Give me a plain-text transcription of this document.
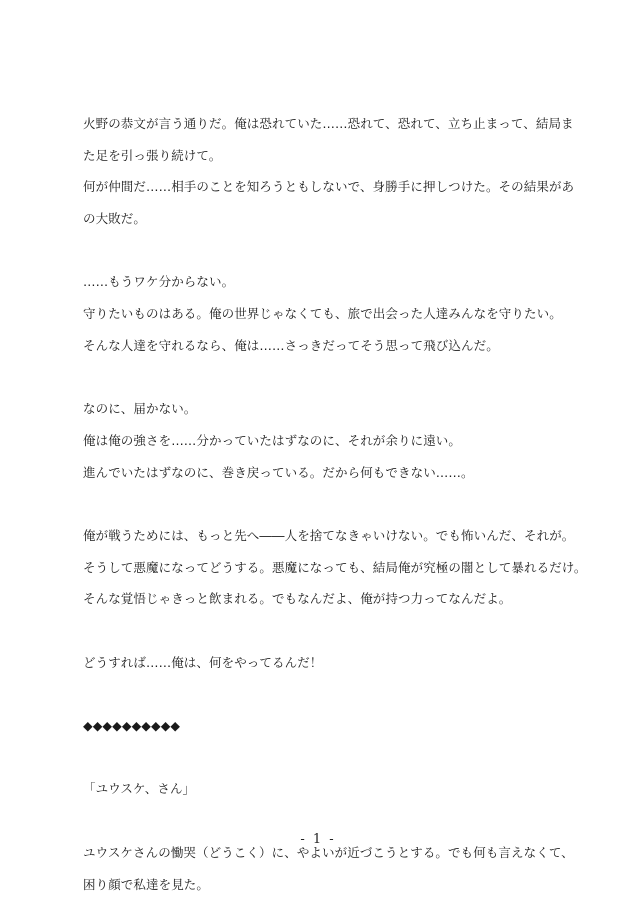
火野の恭文が言う通りだ。俺は恐れていた……恐れて、恐れて、立ち止まって、結局ま
た足を引っ張り続けて。
何が仲間だ……相手のことを知ろうともしないで、身勝手に押しつけた。その結果があ
の大敗だ。
……もうワケ分からない。
守りたいものはある。俺の世界じゃなくても、旅で出会った人達みんなを守りたい。
そんな人達を守れるなら、俺は……さっきだってそう思って飛び込んだ。
なのに、届かない。
俺は俺の強さを……分かっていたはずなのに、それが余りに遠い。
進んでいたはずなのに、巻き戻っている。だから何もできない……。
俺が戦うためには、もっと先へ――人を捨てなきゃいけない。でも怖いんだ、それが。
そうして悪魔になってどうする。悪魔になっても、結局俺が究極の闇として暴れるだけ。
そんな覚悟じゃきっと飲まれる。でもなんだよ、俺が持つ力ってなんだよ。
どうすれば……俺は、何をやってるんだ！
◆◆◆◆◆◆◆◆◆◆
「ユウスケ、さん」
ユウスケさんの慟哭（どうこく）に、やよいが近づこうとする。でも何も言えなくて、
困り顔で私達を見た。
- 1 -
